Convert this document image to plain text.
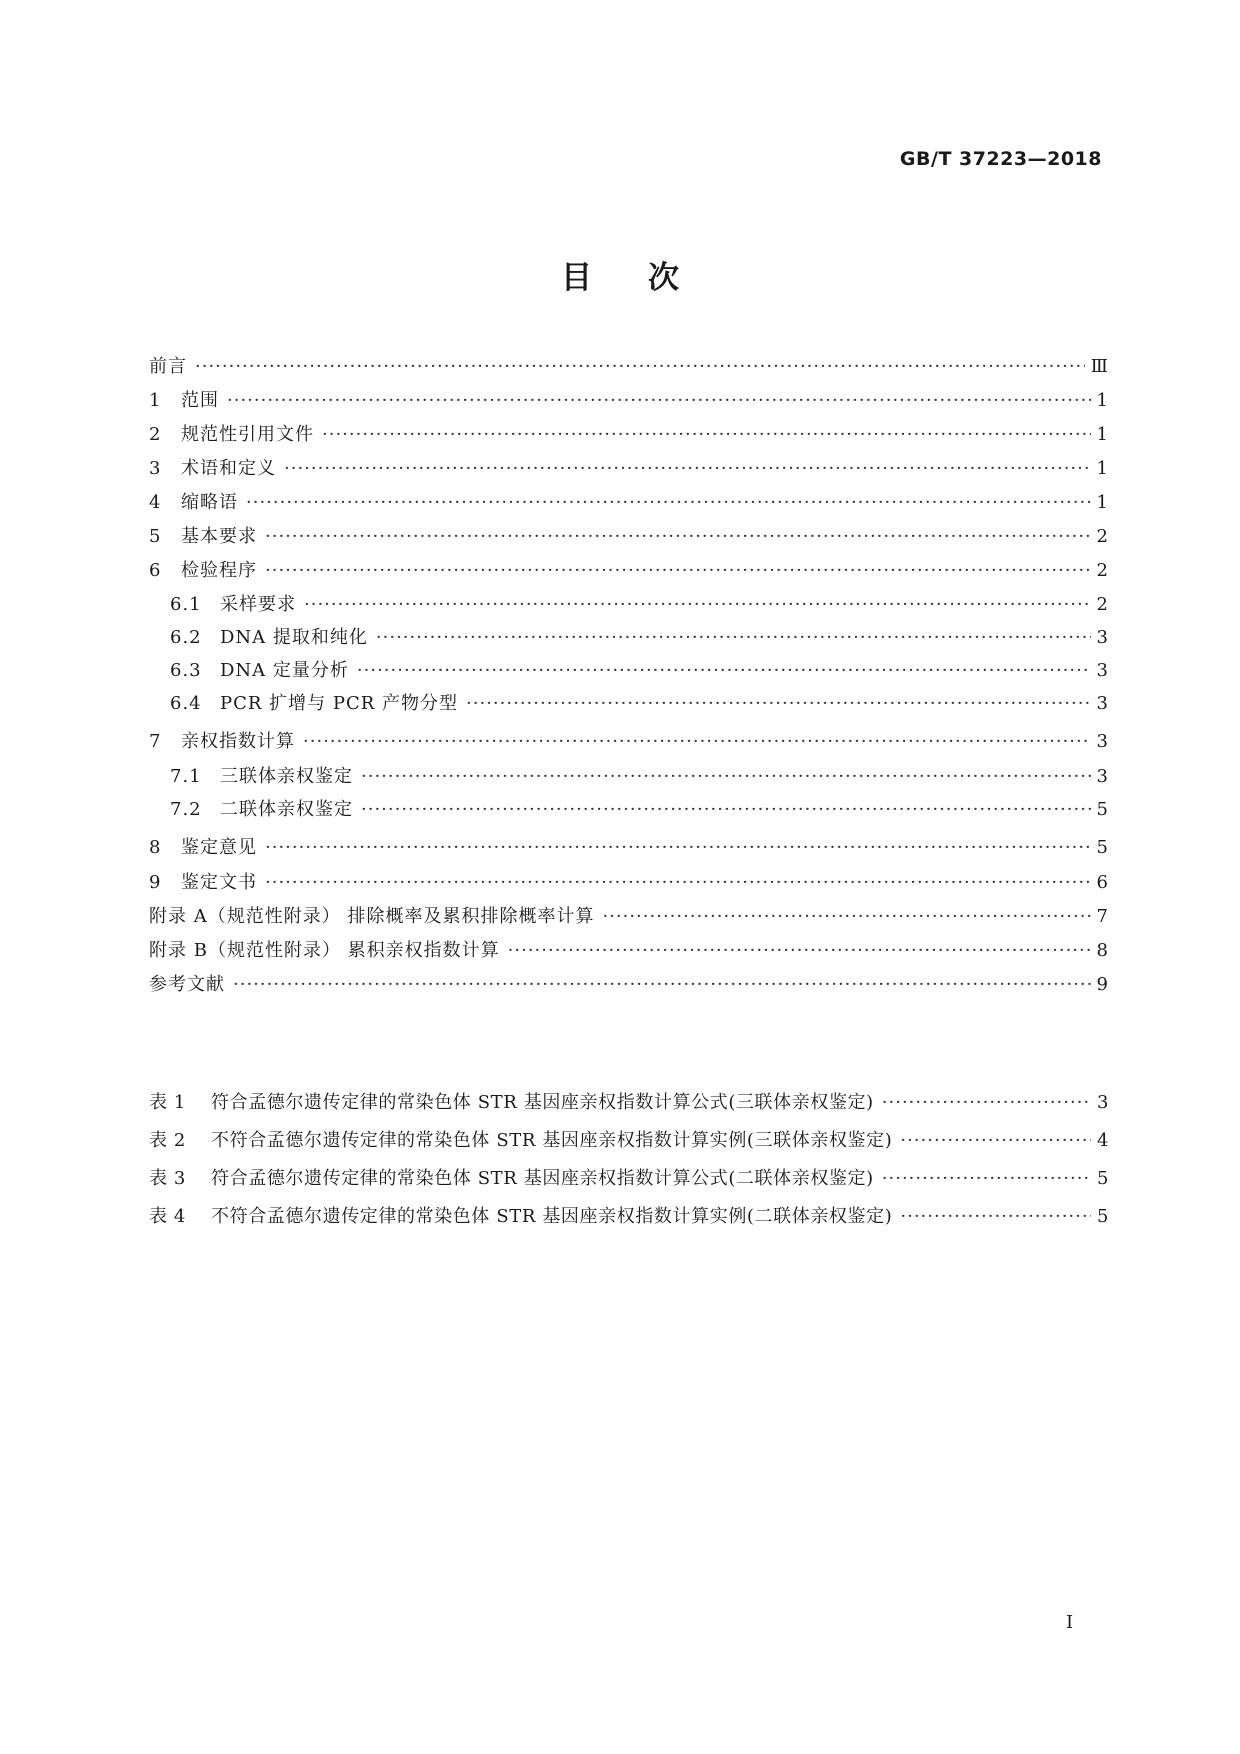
GB/T 37223—2018
目次
前言 ·····	Ⅲ
1	范围 ·····	1
2	规范性引用文件 ·····	1
3	术语和定义 ·····	1
4	缩略语 ·····	1
5	基本要求 ·····	2
6	检验程序 ·····	2
6.1	采样要求 ·····	2
6.2	DNA 提取和纯化 ·····	3
6.3	DNA 定量分析 ·····	3
6.4	PCR 扩增与 PCR 产物分型 ·····	3
7	亲权指数计算 ·····	3
7.1	三联体亲权鉴定 ·····	3
7.2	二联体亲权鉴定 ·····	5
8	鉴定意见 ·····	5
9	鉴定文书 ·····	6
附录 A（规范性附录） 排除概率及累积排除概率计算 ·····	7
附录 B（规范性附录） 累积亲权指数计算 ·····	8
参考文献 ·····	9
表 1	符合孟德尔遗传定律的常染色体 STR 基因座亲权指数计算公式(三联体亲权鉴定) ·····	3
表 2	不符合孟德尔遗传定律的常染色体 STR 基因座亲权指数计算实例(三联体亲权鉴定) ·····	4
表 3	符合孟德尔遗传定律的常染色体 STR 基因座亲权指数计算公式(二联体亲权鉴定) ·····	5
表 4	不符合孟德尔遗传定律的常染色体 STR 基因座亲权指数计算实例(二联体亲权鉴定) ·····	5
I
